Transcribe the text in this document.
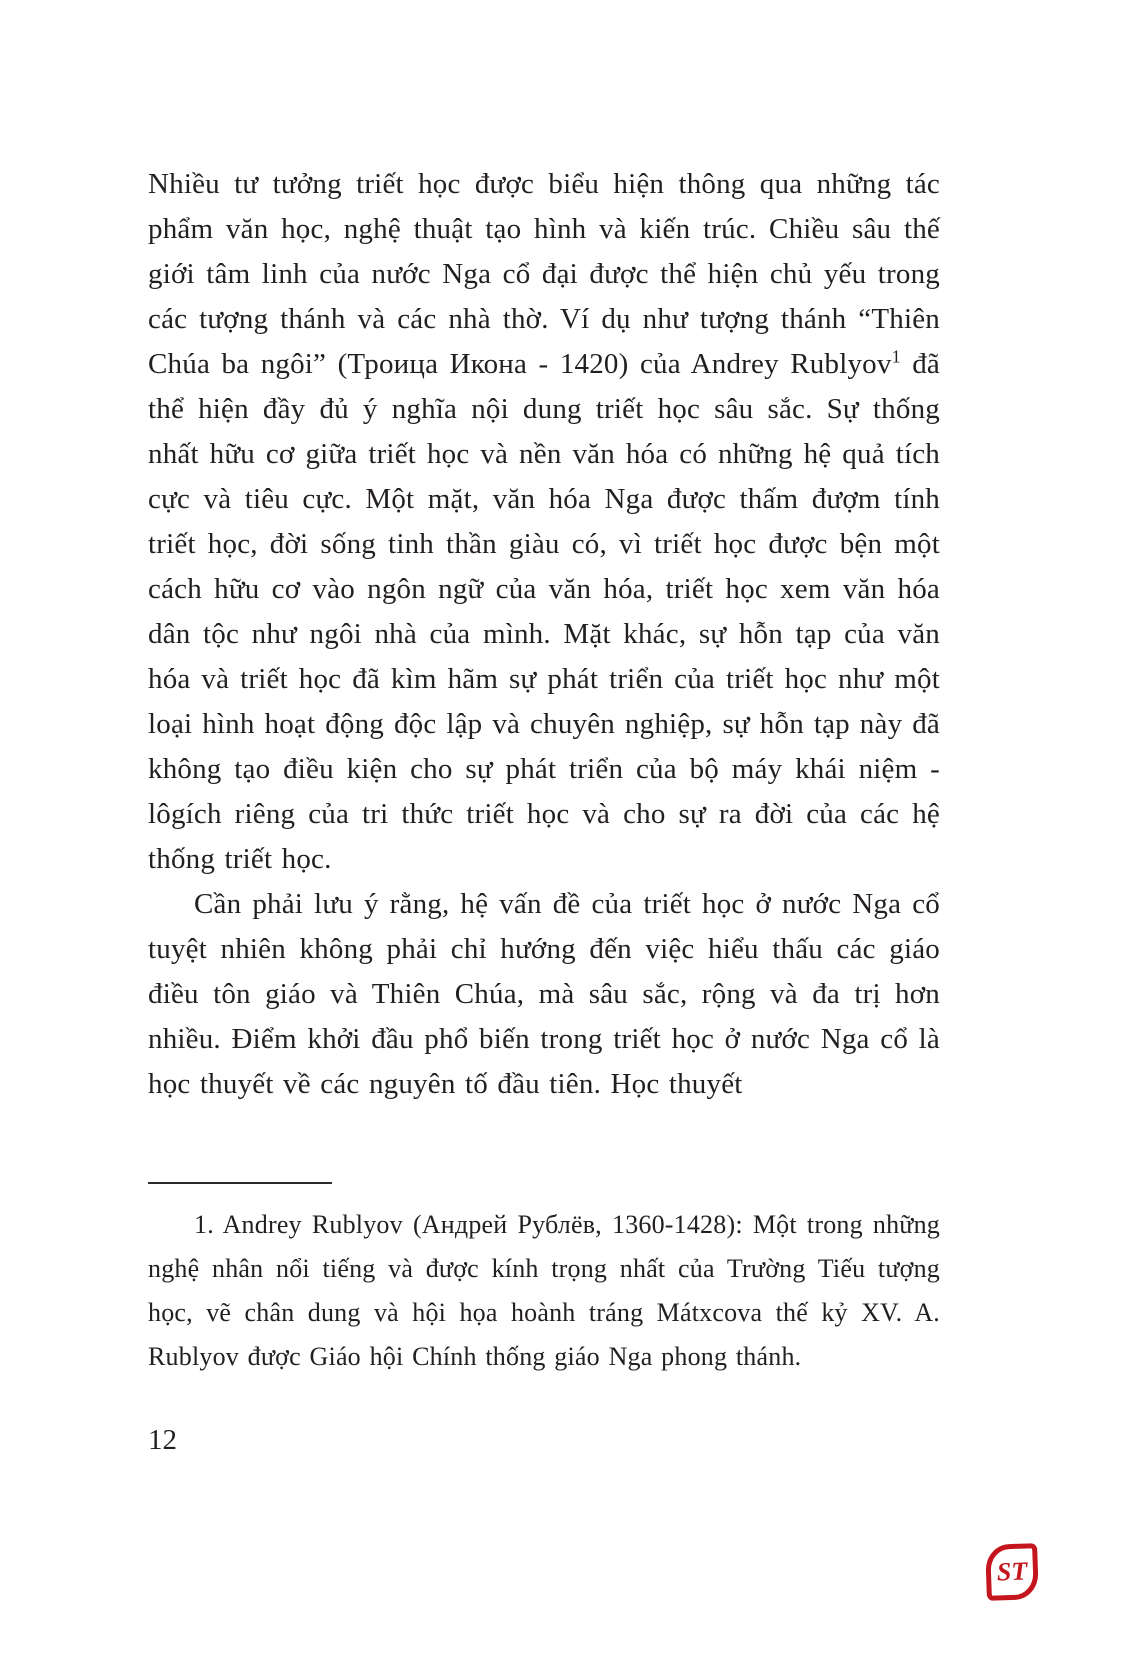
Nhiều tư tưởng triết học được biểu hiện thông qua những tác phẩm văn học, nghệ thuật tạo hình và kiến trúc. Chiều sâu thế giới tâm linh của nước Nga cổ đại được thể hiện chủ yếu trong các tượng thánh và các nhà thờ. Ví dụ như tượng thánh “Thiên Chúa ba ngôi” (Троица Икона - 1420) của Andrey Rublyov$^1$ đã thể hiện đầy đủ ý nghĩa nội dung triết học sâu sắc. Sự thống nhất hữu cơ giữa triết học và nền văn hóa có những hệ quả tích cực và tiêu cực. Một mặt, văn hóa Nga được thấm đượm tính triết học, đời sống tinh thần giàu có, vì triết học được bện một cách hữu cơ vào ngôn ngữ của văn hóa, triết học xem văn hóa dân tộc như ngôi nhà của mình. Mặt khác, sự hỗn tạp của văn hóa và triết học đã kìm hãm sự phát triển của triết học như một loại hình hoạt động độc lập và chuyên nghiệp, sự hỗn tạp này đã không tạo điều kiện cho sự phát triển của bộ máy khái niệm - lôgích riêng của tri thức triết học và cho sự ra đời của các hệ thống triết học.

Cần phải lưu ý rằng, hệ vấn đề của triết học ở nước Nga cổ tuyệt nhiên không phải chỉ hướng đến việc hiểu thấu các giáo điều tôn giáo và Thiên Chúa, mà sâu sắc, rộng và đa trị hơn nhiều. Điểm khởi đầu phổ biến trong triết học ở nước Nga cổ là học thuyết về các nguyên tố đầu tiên. Học thuyết

1. Andrey Rublyov (Андрей Рублёв, 1360-1428): Một trong những nghệ nhân nổi tiếng và được kính trọng nhất của Trường Tiếu tượng học, vẽ chân dung và hội họa hoành tráng Mátxcova thế kỷ XV. A. Rublyov được Giáo hội Chính thống giáo Nga phong thánh.
12
ST
